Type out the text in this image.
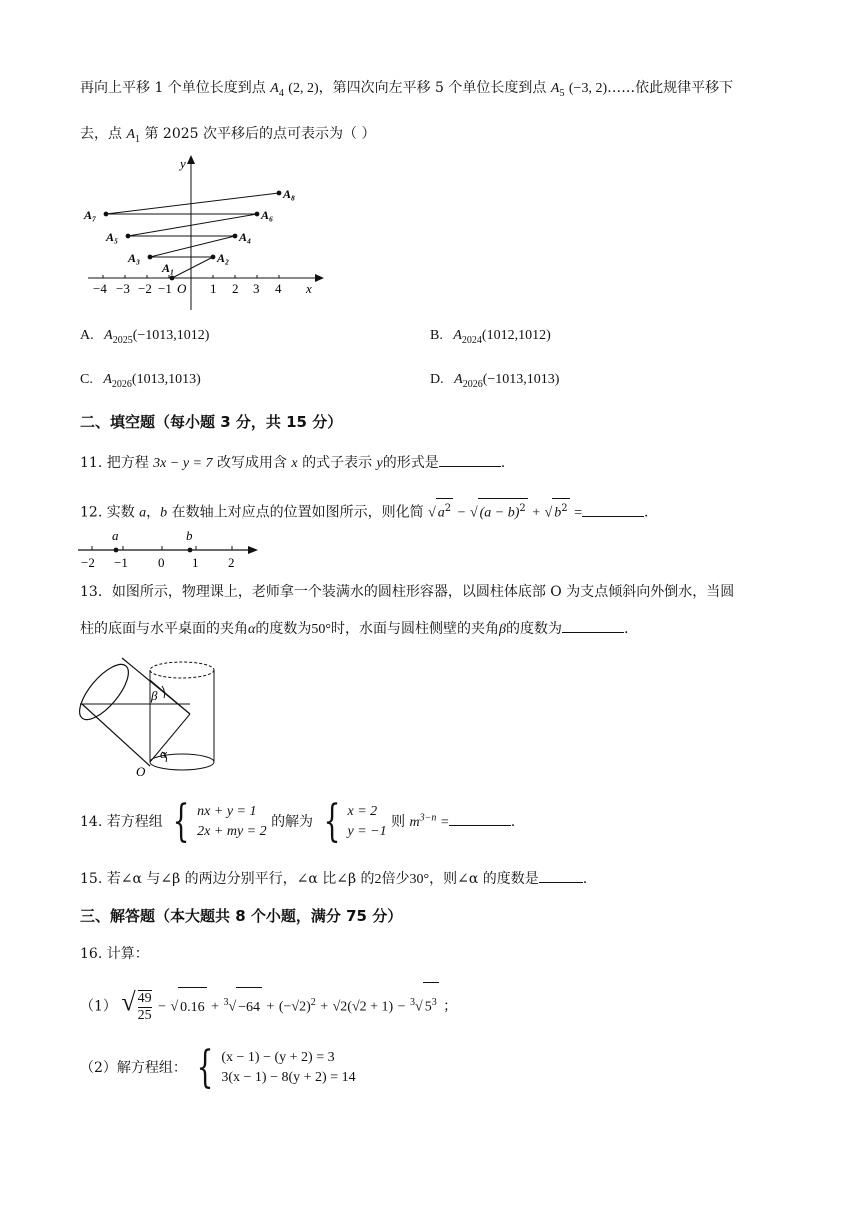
再向上平移 1 个单位长度到点 $A_4$ (2, 2)，第四次向左平移 5 个单位长度到点 $A_5$ (−3, 2)……依此规律平移下
去，点 $A_1$ 第 2025 次平移后的点可表示为（ ）
y
x
−4 −3 −2 −1 O 1 2 3 4
A₁
A₂
A₃
A₄
A₅
A₆
A₇
A₈
A. $A_{2025}(-1013,1012)$	B. $A_{2024}(1012,1012)$
C. $A_{2026}(1013,1013)$	D. $A_{2026}(-1013,1013)$
二、填空题（每小题 3 分，共 15 分）
11. 把方程 3x − y = 7 改写成用含 x 的式子表示 y的形式是	.
12. 实数 a，b 在数轴上对应点的位置如图所示，则化简 √ $a^2$ − √ $(a - b)^2$ + √ $b^2$ =	.
a	b
−2 −1 0 1 2
13．如图所示，物理课上，老师拿一个装满水的圆柱形容器，以圆柱体底部 O 为支点倾斜向外倒水，当圆
柱的底面与水平桌面的夹角α的度数为50°时，水面与圆柱侧壁的夹角β的度数为	.
β
α
O
14. 若方程组 { nx + y = 1
2x + my = 2
的解为 { x = 2
y = −1
则 $m^{3-n}$ =	.
15. 若∠α 与∠β 的两边分别平行，∠α 比∠β 的2倍少30°，则∠α 的度数是	.
三、解答题（本大题共 8 个小题，满分 75 分）
16. 计算：
（1） √ $\frac{49}{25}$ − √ $0.16 + ^3√ -64 + (-√2)^2 + √2(√2 + 1) - ^3√$ $5^3$ ；
（2）解方程组： { (x − 1) − (y + 2) = 3
3(x − 1) − 8(y + 2) = 14
